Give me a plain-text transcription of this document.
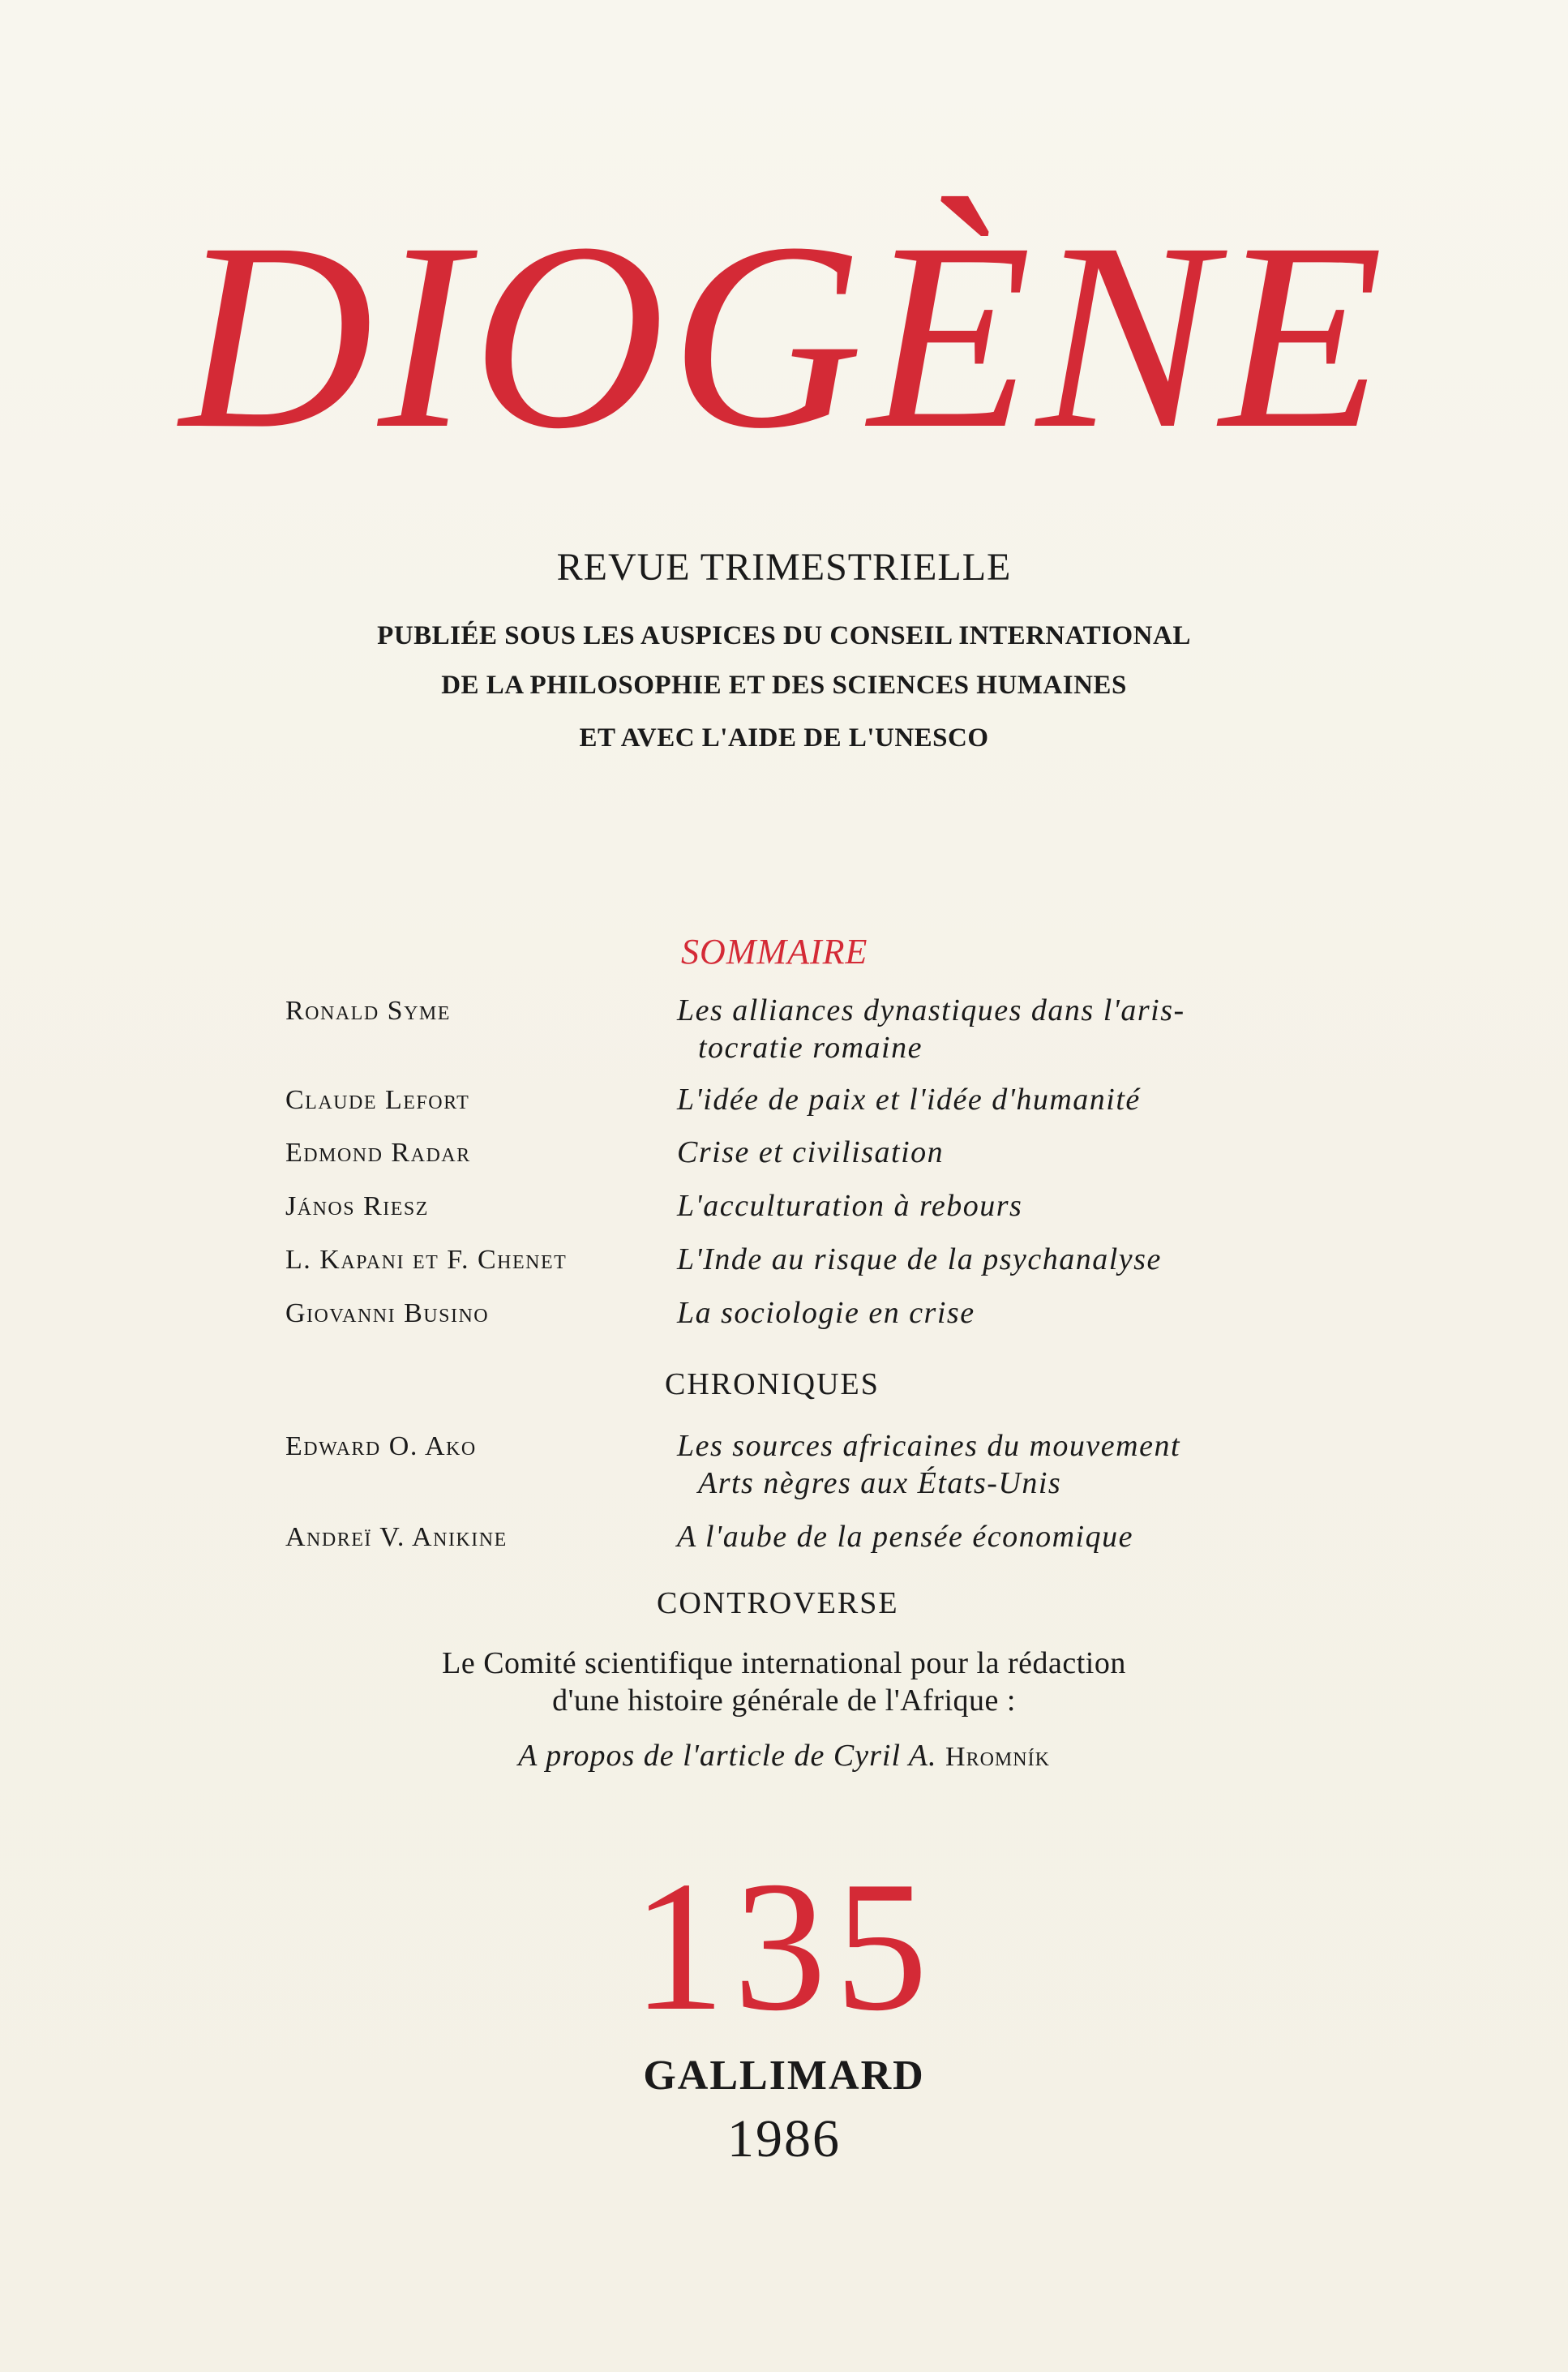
DIOGÈNE
REVUE TRIMESTRIELLE
PUBLIÉE SOUS LES AUSPICES DU CONSEIL INTERNATIONAL
DE LA PHILOSOPHIE ET DES SCIENCES HUMAINES
ET AVEC L'AIDE DE L'UNESCO
SOMMAIRE
Ronald Syme	Les alliances dynastiques dans l'aris-
tocratie romaine
Claude Lefort	L'idée de paix et l'idée d'humanité
Edmond Radar	Crise et civilisation
János Riesz	L'acculturation à rebours
L. Kapani et F. Chenet	L'Inde au risque de la psychanalyse
Giovanni Busino	La sociologie en crise
CHRONIQUES
Edward O. Ako	Les sources africaines du mouvement
Arts nègres aux États-Unis
Andreï V. Anikine	A l'aube de la pensée économique
CONTROVERSE
Le Comité scientifique international pour la rédaction
d'une histoire générale de l'Afrique :
A propos de l'article de Cyril A. Hromník
135
GALLIMARD
1986
